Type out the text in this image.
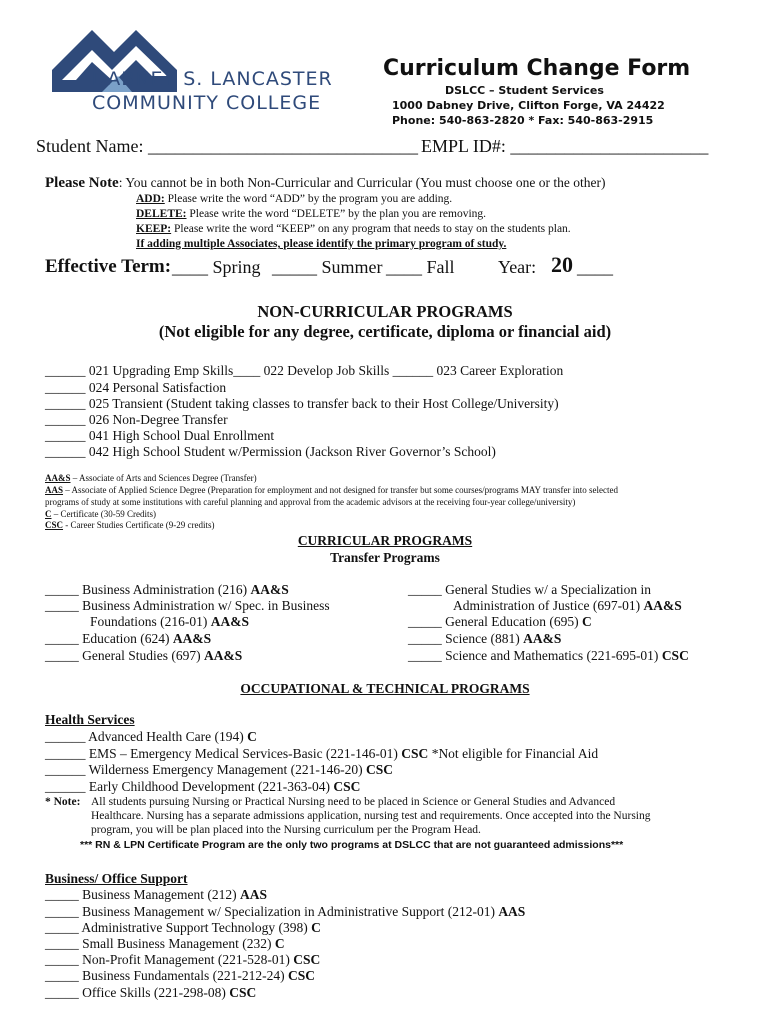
DABNEY S. LANCASTER
COMMUNITY COLLEGE
Curriculum Change Form
DSLCC – Student Services
1000 Dabney Drive, Clifton Forge, VA 24422
Phone: 540-863-2820 * Fax: 540-863-2915
Student Name: ______________________________ EMPL ID#: ______________________
Please Note: You cannot be in both Non-Curricular and Curricular (You must choose one or the other)
ADD: Please write the word “ADD” by the program you are adding.
DELETE: Please write the word “DELETE” by the plan you are removing.
KEEP: Please write the word “KEEP” on any program that needs to stay on the students plan.
If adding multiple Associates, please identify the primary program of study.
Effective Term: ____ Spring _____ Summer ____ Fall Year: 20 ____
NON-CURRICULAR PROGRAMS
(Not eligible for any degree, certificate, diploma or financial aid)
______ 021 Upgrading Emp Skills____ 022 Develop Job Skills ______ 023 Career Exploration
______ 024 Personal Satisfaction
______ 025 Transient (Student taking classes to transfer back to their Host College/University)
______ 026 Non-Degree Transfer
______ 041 High School Dual Enrollment
______ 042 High School Student w/Permission (Jackson River Governor’s School)
AA&S – Associate of Arts and Sciences Degree (Transfer)
AAS – Associate of Applied Science Degree (Preparation for employment and not designed for transfer but some courses/programs MAY transfer into selected
programs of study at some institutions with careful planning and approval from the academic advisors at the receiving four-year college/university)
C – Certificate (30-59 Credits)
CSC - Career Studies Certificate (9-29 credits)
CURRICULAR PROGRAMS
Transfer Programs
_____ Business Administration (216) AA&S
_____ Business Administration w/ Spec. in Business
Foundations (216-01) AA&S
_____ Education (624) AA&S
_____ General Studies (697) AA&S
_____ General Studies w/ a Specialization in
Administration of Justice (697-01) AA&S
_____ General Education (695) C
_____ Science (881) AA&S
_____ Science and Mathematics (221-695-01) CSC
OCCUPATIONAL & TECHNICAL PROGRAMS
Health Services
______ Advanced Health Care (194) C
______ EMS – Emergency Medical Services-Basic (221-146-01) CSC *Not eligible for Financial Aid
______ Wilderness Emergency Management (221-146-20) CSC
______ Early Childhood Development (221-363-04) CSC
* Note: All students pursuing Nursing or Practical Nursing need to be placed in Science or General Studies and Advanced
Healthcare. Nursing has a separate admissions application, nursing test and requirements. Once accepted into the Nursing
program, you will be plan placed into the Nursing curriculum per the Program Head.
*** RN & LPN Certificate Program are the only two programs at DSLCC that are not guaranteed admissions***
Business/ Office Support
_____ Business Management (212) AAS
_____ Business Management w/ Specialization in Administrative Support (212-01) AAS
_____ Administrative Support Technology (398) C
_____ Small Business Management (232) C
_____ Non-Profit Management (221-528-01) CSC
_____ Business Fundamentals (221-212-24) CSC
_____ Office Skills (221-298-08) CSC
